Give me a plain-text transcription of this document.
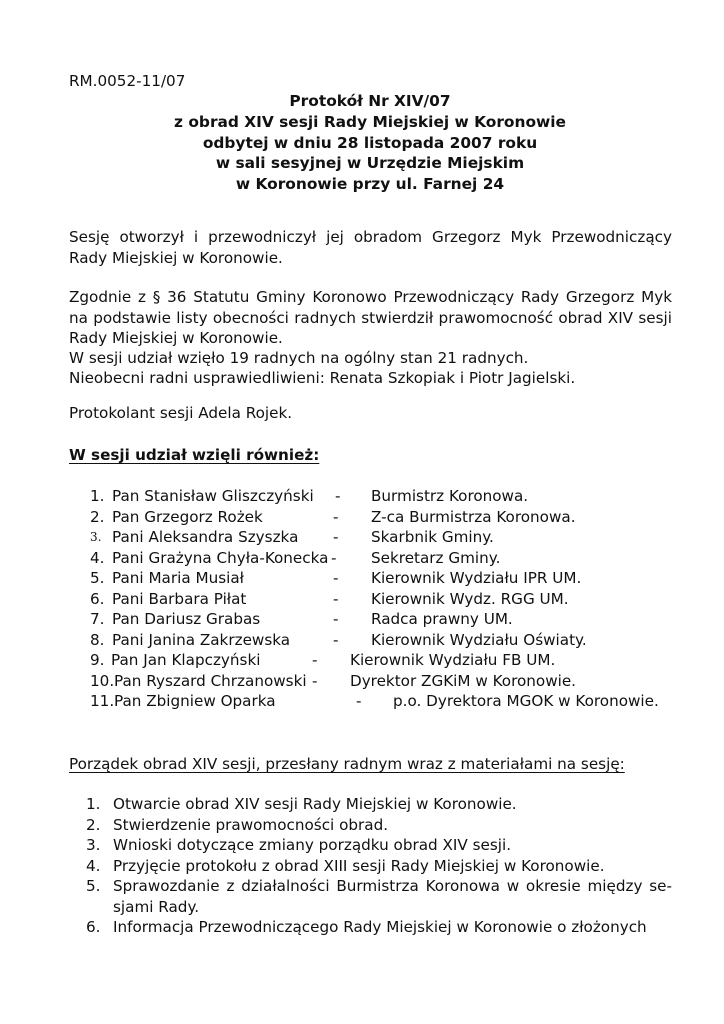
RM.0052-11/07
Protokół Nr XIV/07
z obrad XIV sesji Rady Miejskiej w Koronowie
odbytej w dniu 28 listopada 2007 roku
w sali sesyjnej w Urzędzie Miejskim
w Koronowie przy ul. Farnej 24
Sesję otworzył i przewodniczył jej obradom Grzegorz Myk Przewodniczący Rady Miejskiej w Koronowie.
Zgodnie z § 36 Statutu Gminy Koronowo Przewodniczący Rady Grzegorz Myk na podstawie listy obecności radnych stwierdził prawomocność obrad XIV sesji Rady Miejskiej w Koronowie.
W sesji udział wzięło 19 radnych na ogólny stan 21 radnych.
Nieobecni radni usprawiedliwieni: Renata Szkopiak i Piotr Jagielski.
Protokolant sesji Adela Rojek.
W sesji udział wzięli również:
1. Pan Stanisław Gliszczyński - Burmistrz Koronowa.
2. Pan Grzegorz Rożek	- Z-ca Burmistrza Koronowa.
3. Pani Aleksandra Szyszka - Skarbnik Gminy.
4. Pani Grażyna Chyła-Konecka - Sekretarz Gminy.
5. Pani Maria Musiał	- Kierownik Wydziału IPR UM.
6. Pani Barbara Piłat	- Kierownik Wydz. RGG UM.
7. Pan Dariusz Grabas	- Radca prawny UM.
8. Pani Janina Zakrzewska	- Kierownik Wydziału Oświaty.
9. Pan Jan Klapczyński	- Kierownik Wydziału FB UM.
10. Pan Ryszard Chrzanowski - Dyrektor ZGKiM w Koronowie.
11. Pan Zbigniew Oparka	- p.o. Dyrektora MGOK w Koronowie.
Porządek obrad XIV sesji, przesłany radnym wraz z materiałami na sesję:
1. Otwarcie obrad XIV sesji Rady Miejskiej w Koronowie.
2. Stwierdzenie prawomocności obrad.
3. Wnioski dotyczące zmiany porządku obrad XIV sesji.
4. Przyjęcie protokołu z obrad XIII sesji Rady Miejskiej w Koronowie.
5. Sprawozdanie z działalności Burmistrza Koronowa w okresie między se-sjami Rady.
6. Informacja Przewodniczącego Rady Miejskiej w Koronowie o złożonych
